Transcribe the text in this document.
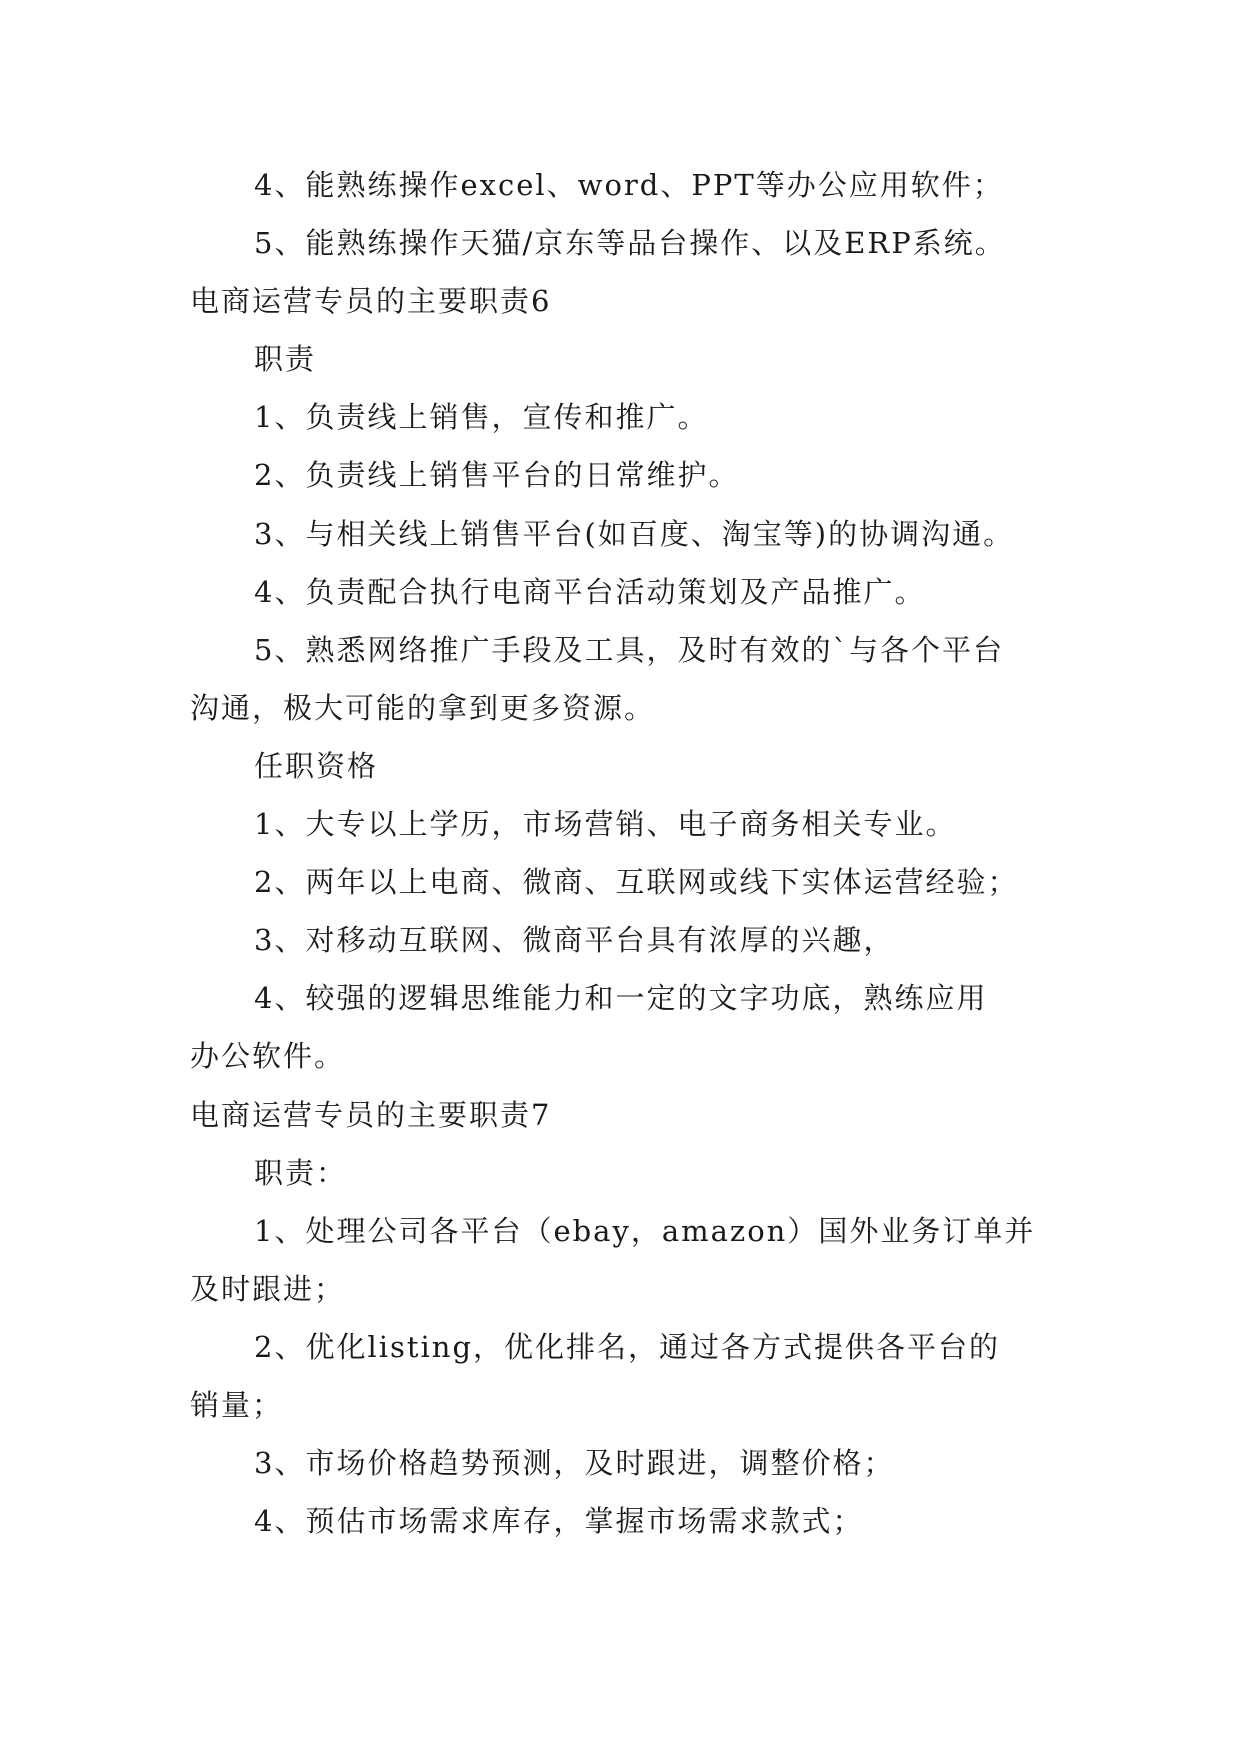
4、能熟练操作excel、word、PPT等办公应用软件；
5、能熟练操作天猫/京东等品台操作、以及ERP系统。
电商运营专员的主要职责6
职责
1、负责线上销售，宣传和推广。
2、负责线上销售平台的日常维护。
3、与相关线上销售平台(如百度、淘宝等)的协调沟通。
4、负责配合执行电商平台活动策划及产品推广。
5、熟悉网络推广手段及工具，及时有效的`与各个平台
沟通，极大可能的拿到更多资源。
任职资格
1、大专以上学历，市场营销、电子商务相关专业。
2、两年以上电商、微商、互联网或线下实体运营经验；
3、对移动互联网、微商平台具有浓厚的兴趣，
4、较强的逻辑思维能力和一定的文字功底，熟练应用
办公软件。
电商运营专员的主要职责7
职责：
1、处理公司各平台（ebay，amazon）国外业务订单并
及时跟进；
2、优化listing，优化排名，通过各方式提供各平台的
销量；
3、市场价格趋势预测，及时跟进，调整价格；
4、预估市场需求库存，掌握市场需求款式；
